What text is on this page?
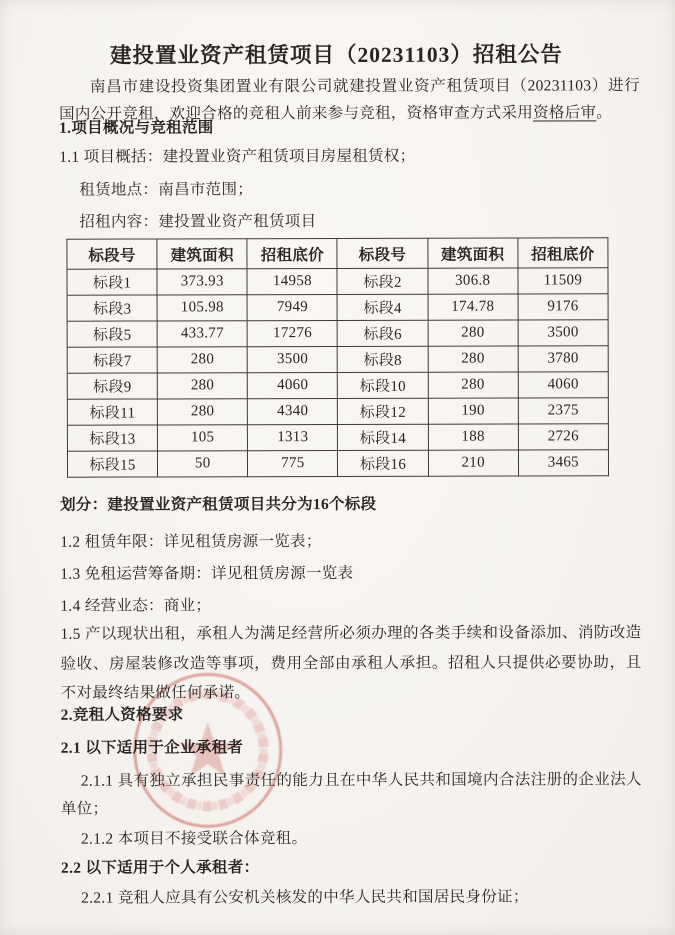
建投置业资产租赁项目（20231103）招租公告
南昌市建设投资集团置业有限公司就建投置业资产租赁项目（20231103）进行国内公开竞租，欢迎合格的竞租人前来参与竞租，资格审查方式采用资格后审。
1.项目概况与竞租范围
1.1 项目概括：建投置业资产租赁项目房屋租赁权；
租赁地点：南昌市范围；
招租内容：建投置业资产租赁项目
标段号	建筑面积	招租底价	标段号	建筑面积	招租底价
标段1	373.93	14958	标段2	306.8	11509
标段3	105.98	7949	标段4	174.78	9176
标段5	433.77	17276	标段6	280	3500
标段7	280	3500	标段8	280	3780
标段9	280	4060	标段10	280	4060
标段11	280	4340	标段12	190	2375
标段13	105	1313	标段14	188	2726
标段15	50	775	标段16	210	3465
划分：建投置业资产租赁项目共分为16个标段
1.2 租赁年限：详见租赁房源一览表；
1.3 免租运营筹备期：详见租赁房源一览表
1.4 经营业态：商业；
1.5 产以现状出租，承租人为满足经营所必须办理的各类手续和设备添加、消防改造验收、房屋装修改造等事项，费用全部由承租人承担。招租人只提供必要协助，且不对最终结果做任何承诺。
2.竞租人资格要求
2.1 以下适用于企业承租者
2.1.1 具有独立承担民事责任的能力且在中华人民共和国境内合法注册的企业法人单位；
2.1.2 本项目不接受联合体竞租。
2.2 以下适用于个人承租者：
2.2.1 竞租人应具有公安机关核发的中华人民共和国居民身份证；
